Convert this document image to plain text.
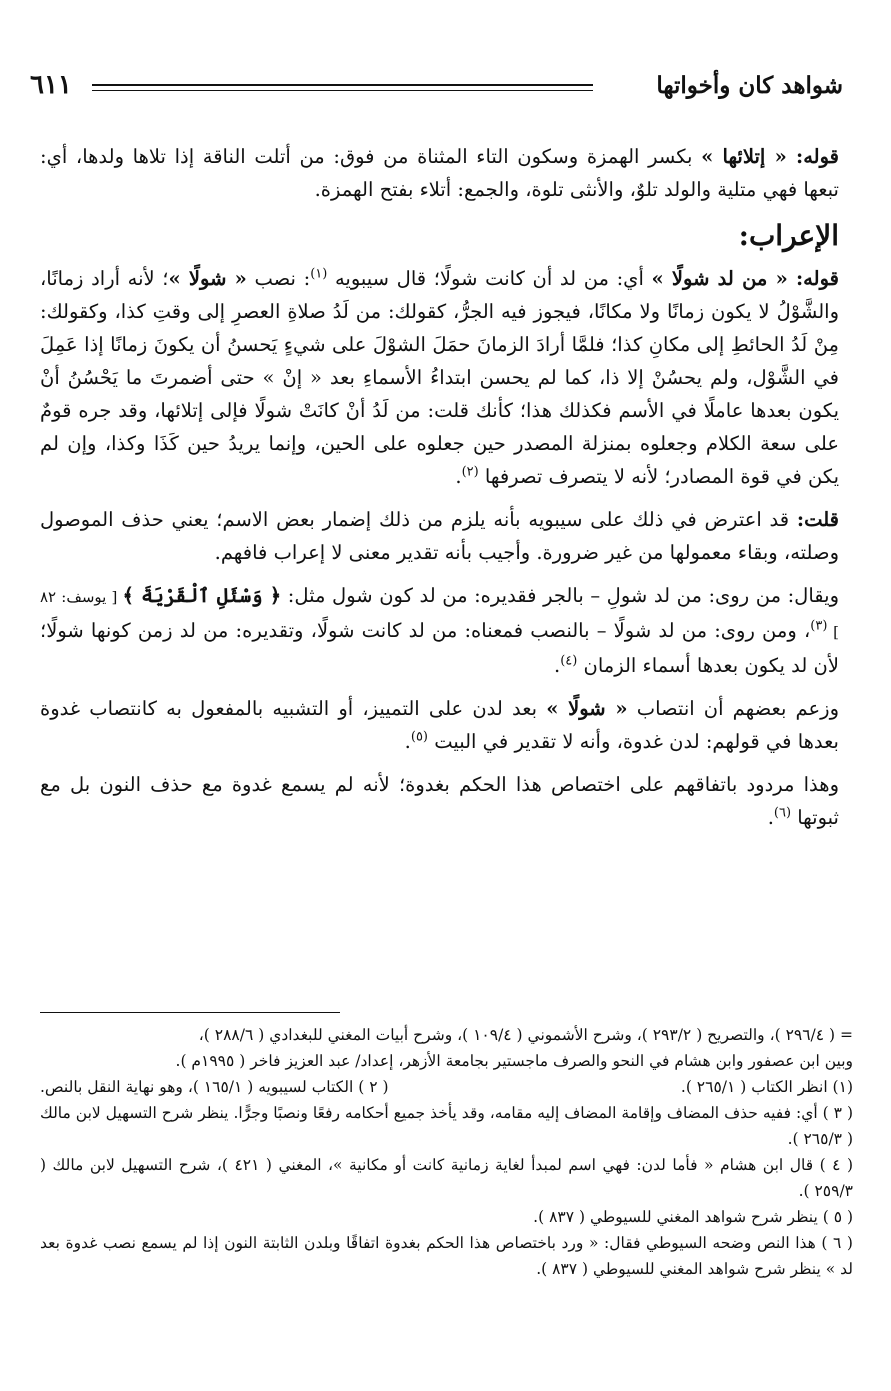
شواهد كان وأخواتها
٦١١

قوله: « إتلائها » بكسر الهمزة وسكون التاء المثناة من فوق: من أتلت الناقة إذا تلاها ولدها، أي: تبعها فهي متلية والولد تلوٌ، والأنثى تلوة، والجمع: أتلاء بفتح الهمزة.

الإعراب:

قوله: « من لد شولًا » أي: من لد أن كانت شولًا؛ قال سيبويه $^{(١)}$: نصب « شولًا »؛ لأنه أراد زمانًا، والشَّوْلُ لا يكون زمانًا ولا مكانًا، فيجوز فيه الجرُّ، كقولك: من لَدُ صلاةِ العصرِ إلى وقتِ كذا، وكقولك: مِنْ لَدُ الحائطِ إلى مكانِ كذا؛ فلمَّا أرادَ الزمانَ حمَلَ الشوْلَ على شيءٍ يَحسنُ أن يكونَ زمانًا إذا عَمِلَ في الشَّوْل، ولم يحسُنْ إلا ذا، كما لم يحسن ابتداءُ الأسماءِ بعد « إنْ » حتى أضمرتَ ما يَحْسُنُ أنْ يكون بعدها عاملًا في الأسم فكذلك هذا؛ كأنك قلت: من لَدُ أنْ كانَتْ شولًا فإلى إتلائها، وقد جره قومٌ على سعة الكلام وجعلوه بمنزلة المصدر حين جعلوه على الحين، وإنما يريدُ حين كَذَا وكذا، وإن لم يكن في قوة المصادر؛ لأنه لا يتصرف تصرفها $^{(٢)}$.

قلت: قد اعترض في ذلك على سيبويه بأنه يلزم من ذلك إضمار بعض الاسم؛ يعني حذف الموصول وصلته، وبقاء معمولها من غير ضرورة. وأجيب بأنه تقدير معنى لا إعراب فافهم.

ويقال: من روى: من لد شولِ – بالجر فقديره: من لد كون شول مثل: ﴿ وَسْئَلِ ٱلْقَرْيَةَ ﴾ [ يوسف: ٨٢ ] $^{(٣)}$، ومن روى: من لد شولًا – بالنصب فمعناه: من لد كانت شولًا، وتقديره: من لد زمن كونها شولًا؛ لأن لد يكون بعدها أسماء الزمان $^{(٤)}$.

وزعم بعضهم أن انتصاب « شولًا » بعد لدن على التمييز، أو التشبيه بالمفعول به كانتصاب غدوة بعدها في قولهم: لدن غدوة، وأنه لا تقدير في البيت $^{(٥)}$.

وهذا مردود باتفاقهم على اختصاص هذا الحكم بغدوة؛ لأنه لم يسمع غدوة مع حذف النون بل مع ثبوتها $^{(٦)}$.

= ( ٢٩٦/٤ )، والتصريح ( ٢٩٣/٢ )، وشرح الأشموني ( ١٠٩/٤ )، وشرح أبيات المغني للبغدادي ( ٢٨٨/٦ )،

وبين ابن عصفور وابن هشام في النحو والصرف ماجستير بجامعة الأزهر، إعداد/ عبد العزيز فاخر ( ١٩٩٥م ).

(١) انظر الكتاب ( ٢٦٥/١ ).
( ٢ ) الكتاب لسيبويه ( ١٦٥/١ )، وهو نهاية النقل بالنص.

( ٣ ) أي: ففيه حذف المضاف وإقامة المضاف إليه مقامه، وقد يأخذ جميع أحكامه رفعًا ونصبًا وجرًّا. ينظر شرح التسهيل لابن مالك ( ٢٦٥/٣ ).

( ٤ ) قال ابن هشام « فأما لدن: فهي اسم لمبدأ لغاية زمانية كانت أو مكانية »، المغني ( ٤٢١ )، شرح التسهيل لابن مالك ( ٢٥٩/٣ ).

( ٥ ) ينظر شرح شواهد المغني للسيوطي ( ٨٣٧ ).

( ٦ ) هذا النص وضحه السيوطي فقال: « ورد باختصاص هذا الحكم بغدوة اتفاقًا وبلدن الثابتة النون إذا لم يسمع نصب غدوة بعد لد » ينظر شرح شواهد المغني للسيوطي ( ٨٣٧ ).
